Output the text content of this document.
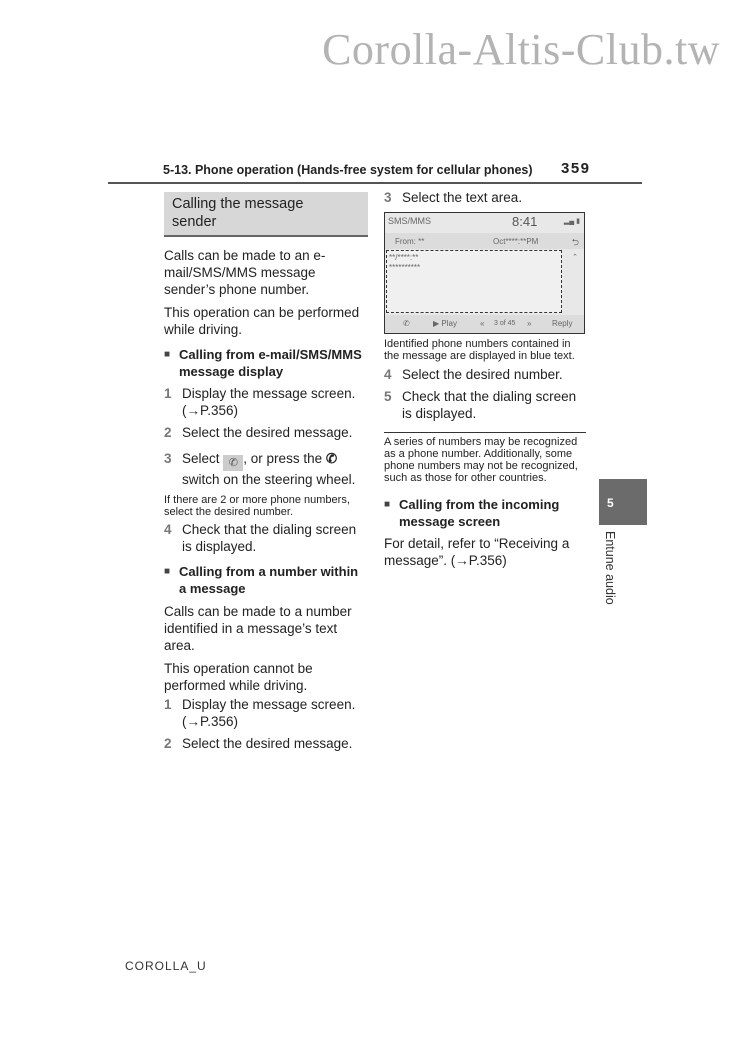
Corolla-Altis-Club.tw
5-13. Phone operation (Hands-free system for cellular phones) 359
Calling the message
sender
Calls can be made to an e-mail/SMS/MMS message sender’s phone number.
This operation can be performed while driving.
■ Calling from e-mail/SMS/MMS message display
1 Display the message screen. (→P.356)
2 Select the desired message.
3 Select ✆ , or press the ✆ switch on the steering wheel.
If there are 2 or more phone numbers, select the desired number.
4 Check that the dialing screen is displayed.
■ Calling from a number within a message
Calls can be made to a number identified in a message’s text area.
This operation cannot be performed while driving.
1 Display the message screen. (→P.356)
2 Select the desired message.
3 Select the text area.
SMS/MMS	8:41	▂▄ ▮
From: **	Oct****:**PM	⮌
**/****:**
**********
⌃
✆	▶ Play	« 3 of 45 »	Reply
Identified phone numbers contained in the message are displayed in blue text.
4 Select the desired number.
5 Check that the dialing screen is displayed.
A series of numbers may be recognized as a phone number. Additionally, some phone numbers may not be recognized, such as those for other countries.
■ Calling from the incoming message screen
For detail, refer to “Receiving a message”. (→P.356)
5
Entune audio
COROLLA_U
